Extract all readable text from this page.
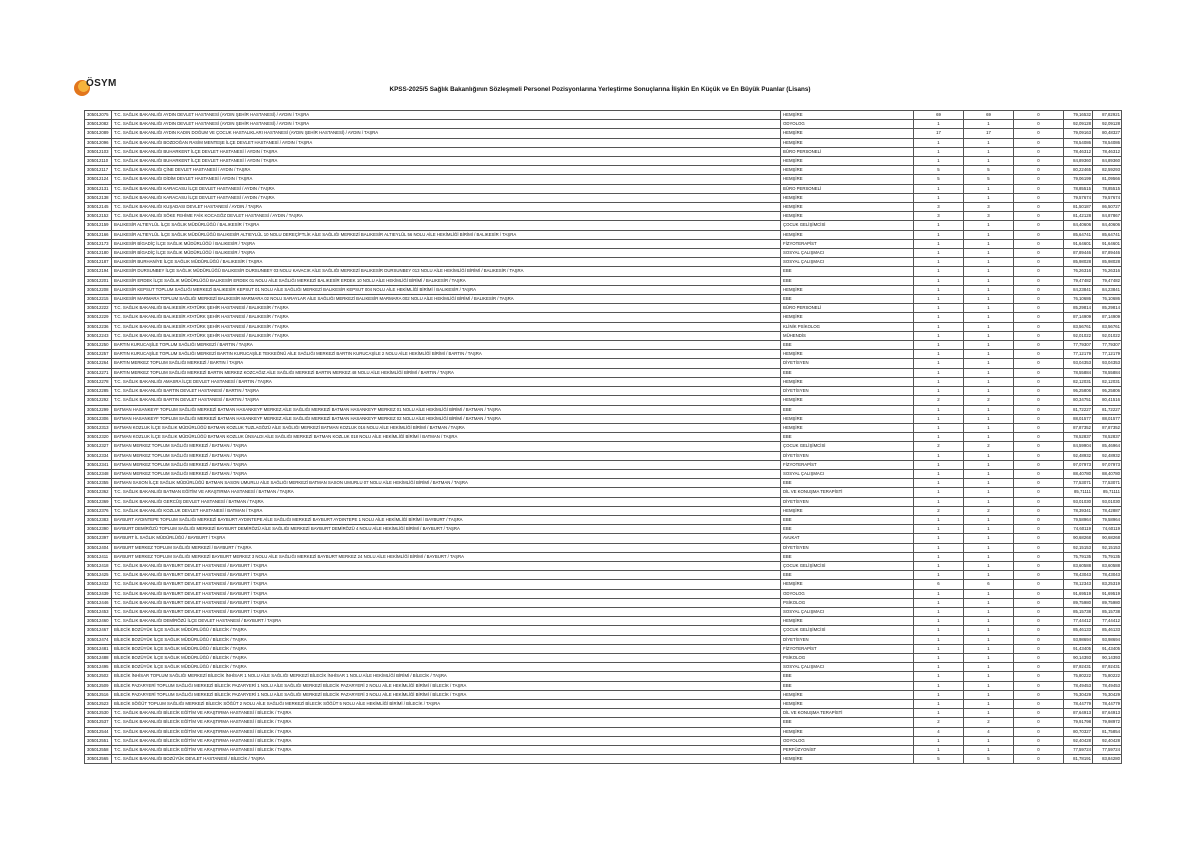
ÖSYM
KPSS-2025/5 Sağlık Bakanlığının Sözleşmeli Personel Pozisyonlarına Yerleştirme Sonuçlarına İlişkin En Küçük ve En Büyük Puanlar (Lisans)
305012075	T.C. SAĞLIK BAKANLIĞI AYDIN DEVLET HASTANESİ (AYDIN ŞEHİR HASTANESİ) / AYDIN / TAŞRA	HEMŞİRE	69	69	0	79,16532	87,82921
305012082	T.C. SAĞLIK BAKANLIĞI AYDIN DEVLET HASTANESİ (AYDIN ŞEHİR HASTANESİ) / AYDIN / TAŞRA	ODYOLOG	1	1	0	92,09128	92,09128
305012089	T.C. SAĞLIK BAKANLIĞI AYDIN KADIN DOĞUM VE ÇOCUK HASTALIKLARI HASTANESİ (AYDIN ŞEHİR HASTANESİ) / AYDIN / TAŞRA	HEMŞİRE	17	17	0	79,09163	80,48327
305012096	T.C. SAĞLIK BAKANLIĞI BOZDOĞAN RASİM MENTEŞE İLÇE DEVLET HASTANESİ / AYDIN / TAŞRA	HEMŞİRE	1	1	0	78,54086	78,54086
305012103	T.C. SAĞLIK BAKANLIĞI BUHARKENT İLÇE DEVLET HASTANESİ / AYDIN / TAŞRA	BÜRO PERSONELİ	1	1	0	78,46312	78,46312
305012110	T.C. SAĞLIK BAKANLIĞI BUHARKENT İLÇE DEVLET HASTANESİ / AYDIN / TAŞRA	HEMŞİRE	1	1	0	84,89360	84,89360
305012117	T.C. SAĞLIK BAKANLIĞI ÇİNE DEVLET HASTANESİ / AYDIN / TAŞRA	HEMŞİRE	5	5	0	80,22465	82,59293
305012124	T.C. SAĞLIK BAKANLIĞI DİDİM DEVLET HASTANESİ / AYDIN / TAŞRA	HEMŞİRE	5	5	0	79,06199	81,09566
305012131	T.C. SAĞLIK BAKANLIĞI KARACASU İLÇE DEVLET HASTANESİ / AYDIN / TAŞRA	BÜRO PERSONELİ	1	1	0	78,85515	78,85515
305012138	T.C. SAĞLIK BAKANLIĞI KARACASU İLÇE DEVLET HASTANESİ / AYDIN / TAŞRA	HEMŞİRE	1	1	0	79,57674	79,57674
305012145	T.C. SAĞLIK BAKANLIĞI KUŞADASI DEVLET HASTANESİ / AYDIN / TAŞRA	HEMŞİRE	3	3	0	81,50187	86,50727
305012152	T.C. SAĞLIK BAKANLIĞI SÖKE FEHİME FAİK KOCAGÖZ DEVLET HASTANESİ / AYDIN / TAŞRA	HEMŞİRE	3	3	0	81,42128	84,87867
305012159	BALIKESİR ALTIEYLÜL İLÇE SAĞLIK MÜDÜRLÜĞÜ / BALIKESİR / TAŞRA	ÇOCUK GELİŞİMCİSİ	1	1	0	84,40606	84,40606
305012166	BALIKESİR ALTIEYLÜL İLÇE SAĞLIK MÜDÜRLÜĞÜ BALIKESİR ALTIEYLÜL 10 NOLU DEREÇİFTLİK AİLE SAĞLIĞI MERKEZİ BALIKESİR ALTIEYLÜL 56 NOLU AİLE HEKİMLİĞİ BİRİMİ / BALIKESİR / TAŞRA	HEMŞİRE	1	1	0	85,64741	85,64741
305012173	BALIKESİR BİGADİÇ İLÇE SAĞLIK MÜDÜRLÜĞÜ / BALIKESİR / TAŞRA	FİZYOTERAPİST	1	1	0	91,64601	91,64601
305012180	BALIKESİR BİGADİÇ İLÇE SAĞLIK MÜDÜRLÜĞÜ / BALIKESİR / TAŞRA	SOSYAL ÇALIŞMACI	1	1	0	87,89446	87,89446
305012187	BALIKESİR BURHANİYE İLÇE SAĞLIK MÜDÜRLÜĞÜ / BALIKESİR / TAŞRA	SOSYAL ÇALIŞMACI	1	1	0	85,98028	85,98028
305012194	BALIKESİR DURSUNBEY İLÇE SAĞLIK MÜDÜRLÜĞÜ BALIKESİR DURSUNBEY 03 NOLU KAVACIK AİLE SAĞLIĞI MERKEZİ BALIKESİR DURSUNBEY 013 NOLU AİLE HEKİMLİĞİ BİRİMİ / BALIKESİR / TAŞRA	EBE	1	1	0	76,26316	76,26316
305012201	BALIKESİR ERDEK İLÇE SAĞLIK MÜDÜRLÜĞÜ BALIKESİR ERDEK 01 NOLU AİLE SAĞLIĞI MERKEZİ BALIKESİR ERDEK 10 NOLU AİLE HEKİMLİĞİ BİRİMİ / BALIKESİR / TAŞRA	EBE	1	1	0	79,47482	79,47482
305012208	BALIKESİR KEPSUT TOPLUM SAĞLIĞI MERKEZİ BALIKESİR KEPSUT 01 NOLU AİLE SAĞLIĞI MERKEZİ BALIKESİR KEPSUT 004 NOLU AİLE HEKİMLİĞİ BİRİMİ / BALIKESİR / TAŞRA	HEMŞİRE	1	1	0	84,23841	84,23841
305012215	BALIKESİR MARMARA TOPLUM SAĞLIĞI MERKEZİ BALIKESİR MARMARA 02 NOLU SARAYLAR AİLE SAĞLIĞI MERKEZİ BALIKESİR MARMARA 002 NOLU AİLE HEKİMLİĞİ BİRİMİ / BALIKESİR / TAŞRA	EBE	1	1	0	76,10686	76,10686
305012222	T.C. SAĞLIK BAKANLIĞI BALIKESİR ATATÜRK ŞEHİR HASTANESİ / BALIKESİR / TAŞRA	BÜRO PERSONELİ	1	1	0	85,29814	85,29814
305012229	T.C. SAĞLIK BAKANLIĞI BALIKESİR ATATÜRK ŞEHİR HASTANESİ / BALIKESİR / TAŞRA	HEMŞİRE	1	1	0	87,14909	87,14909
305012236	T.C. SAĞLIK BAKANLIĞI BALIKESİR ATATÜRK ŞEHİR HASTANESİ / BALIKESİR / TAŞRA	KLİNİK PSİKOLOG	1	1	0	83,56761	83,56761
305012243	T.C. SAĞLIK BAKANLIĞI BALIKESİR ATATÜRK ŞEHİR HASTANESİ / BALIKESİR / TAŞRA	MÜHENDİS	1	1	0	92,01022	92,01022
305012250	BARTIN KURUCAŞİLE TOPLUM SAĞLIĞI MERKEZİ / BARTIN / TAŞRA	EBE	1	1	0	77,79307	77,79307
305012257	BARTIN KURUCAŞİLE TOPLUM SAĞLIĞI MERKEZİ BARTIN KURUCAŞİLE TEKKEÖNÜ AİLE SAĞLIĞI MERKEZİ BARTIN KURUCAŞİLE 2 NOLU AİLE HEKİMLİĞİ BİRİMİ / BARTIN / TAŞRA	HEMŞİRE	1	1	0	77,12179	77,12179
305012264	BARTIN MERKEZ TOPLUM SAĞLIĞI MERKEZİ / BARTIN / TAŞRA	DİYETİSYEN	1	1	0	93,04353	93,04353
305012271	BARTIN MERKEZ TOPLUM SAĞLIĞI MERKEZİ BARTIN MERKEZ KOZCAĞIZ AİLE SAĞLIĞI MERKEZİ BARTIN MERKEZ 48 NOLU AİLE HEKİMLİĞİ BİRİMİ / BARTIN / TAŞRA	EBE	1	1	0	78,55884	78,55884
305012278	T.C. SAĞLIK BAKANLIĞI AMASRA İLÇE DEVLET HASTANESİ / BARTIN / TAŞRA	HEMŞİRE	1	1	0	82,12031	82,12031
305012285	T.C. SAĞLIK BAKANLIĞI BARTIN DEVLET HASTANESİ / BARTIN / TAŞRA	DİYETİSYEN	1	1	0	95,25806	95,25806
305012292	T.C. SAĞLIK BAKANLIĞI BARTIN DEVLET HASTANESİ / BARTIN / TAŞRA	HEMŞİRE	2	2	0	80,34751	80,41516
305012299	BATMAN HASANKEYF TOPLUM SAĞLIĞI MERKEZİ BATMAN HASANKEYF MERKEZ AİLE SAĞLIĞI MERKEZİ BATMAN HASANKEYF MERKEZ 01 NOLU AİLE HEKİMLİĞİ BİRİMİ / BATMAN / TAŞRA	EBE	1	1	0	81,72227	81,72227
305012306	BATMAN HASANKEYF TOPLUM SAĞLIĞI MERKEZİ BATMAN HASANKEYF MERKEZ AİLE SAĞLIĞI MERKEZİ BATMAN HASANKEYF MERKEZ 02 NOLU AİLE HEKİMLİĞİ BİRİMİ / BATMAN / TAŞRA	HEMŞİRE	1	1	0	88,01577	88,01577
305012313	BATMAN KOZLUK İLÇE SAĞLIK MÜDÜRLÜĞÜ BATMAN KOZLUK TUZLAGÖZÜ AİLE SAĞLIĞI MERKEZİ BATMAN KOZLUK 016 NOLU AİLE HEKİMLİĞİ BİRİMİ / BATMAN / TAŞRA	HEMŞİRE	1	1	0	87,87352	87,87352
305012320	BATMAN KOZLUK İLÇE SAĞLIK MÜDÜRLÜĞÜ BATMAN KOZLUK ÜNSALDI AİLE SAĞLIĞI MERKEZİ BATMAN KOZLUK 018 NOLU AİLE HEKİMLİĞİ BİRİMİ / BATMAN / TAŞRA	EBE	1	1	0	78,52837	78,52837
305012327	BATMAN MERKEZ TOPLUM SAĞLIĞI MERKEZİ / BATMAN / TAŞRA	ÇOCUK GELİŞİMCİSİ	2	2	0	84,59904	85,46964
305012334	BATMAN MERKEZ TOPLUM SAĞLIĞI MERKEZİ / BATMAN / TAŞRA	DİYETİSYEN	1	1	0	92,48932	92,48932
305012341	BATMAN MERKEZ TOPLUM SAĞLIĞI MERKEZİ / BATMAN / TAŞRA	FİZYOTERAPİST	1	1	0	97,07973	97,07973
305012348	BATMAN MERKEZ TOPLUM SAĞLIĞI MERKEZİ / BATMAN / TAŞRA	SOSYAL ÇALIŞMACI	1	1	0	88,40780	88,40780
305012355	BATMAN SASON İLÇE SAĞLIK MÜDÜRLÜĞÜ BATMAN SASON UMURLU AİLE SAĞLIĞI MERKEZİ BATMAN SASON UMURLU 07 NOLU AİLE HEKİMLİĞİ BİRİMİ / BATMAN / TAŞRA	EBE	1	1	0	77,53071	77,53071
305012362	T.C. SAĞLIK BAKANLIĞI BATMAN EĞİTİM VE ARAŞTIRMA HASTANESİ / BATMAN / TAŞRA	DİL VE KONUŞMA TERAPİSTİ	1	1	0	85,71111	85,71111
305012369	T.C. SAĞLIK BAKANLIĞI GERCÜŞ DEVLET HASTANESİ / BATMAN / TAŞRA	DİYETİSYEN	1	1	0	93,01030	93,01030
305012376	T.C. SAĞLIK BAKANLIĞI KOZLUK DEVLET HASTANESİ / BATMAN / TAŞRA	HEMŞİRE	2	2	0	78,39341	78,42887
305012383	BAYBURT AYDINTEPE TOPLUM SAĞLIĞI MERKEZİ BAYBURT AYDINTEPE AİLE SAĞLIĞI MERKEZİ BAYBURT AYDINTEPE 1 NOLU AİLE HEKİMLİĞİ BİRİMİ / BAYBURT / TAŞRA	EBE	1	1	0	79,58964	79,58964
305012390	BAYBURT DEMİRÖZÜ TOPLUM SAĞLIĞI MERKEZİ BAYBURT DEMİRÖZÜ AİLE SAĞLIĞI MERKEZİ BAYBURT DEMİRÖZÜ 4 NOLU AİLE HEKİMLİĞİ BİRİMİ / BAYBURT / TAŞRA	EBE	1	1	0	74,60119	74,60119
305012397	BAYBURT İL SAĞLIK MÜDÜRLÜĞÜ / BAYBURT / TAŞRA	AVUKAT	1	1	0	90,68268	90,68268
305012404	BAYBURT MERKEZ TOPLUM SAĞLIĞI MERKEZİ / BAYBURT / TAŞRA	DİYETİSYEN	1	1	0	92,15153	92,15153
305012411	BAYBURT MERKEZ TOPLUM SAĞLIĞI MERKEZİ BAYBURT MERKEZ 3 NOLU AİLE SAĞLIĞI MERKEZİ BAYBURT MERKEZ 24 NOLU AİLE HEKİMLİĞİ BİRİMİ / BAYBURT / TAŞRA	EBE	1	1	0	75,79135	75,79135
305012418	T.C. SAĞLIK BAKANLIĞI BAYBURT DEVLET HASTANESİ / BAYBURT / TAŞRA	ÇOCUK GELİŞİMCİSİ	1	1	0	83,60588	83,60588
305012425	T.C. SAĞLIK BAKANLIĞI BAYBURT DEVLET HASTANESİ / BAYBURT / TAŞRA	EBE	1	1	0	78,43043	78,43043
305012432	T.C. SAĞLIK BAKANLIĞI BAYBURT DEVLET HASTANESİ / BAYBURT / TAŞRA	HEMŞİRE	6	6	0	78,12343	83,25319
305012439	T.C. SAĞLIK BAKANLIĞI BAYBURT DEVLET HASTANESİ / BAYBURT / TAŞRA	ODYOLOG	1	1	0	91,69519	91,69519
305012446	T.C. SAĞLIK BAKANLIĞI BAYBURT DEVLET HASTANESİ / BAYBURT / TAŞRA	PSİKOLOG	1	1	0	89,75980	89,75980
305012453	T.C. SAĞLIK BAKANLIĞI BAYBURT DEVLET HASTANESİ / BAYBURT / TAŞRA	SOSYAL ÇALIŞMACI	1	1	0	85,15738	85,15738
305012460	T.C. SAĞLIK BAKANLIĞI DEMİRÖZÜ İLÇE DEVLET HASTANESİ / BAYBURT / TAŞRA	HEMŞİRE	1	1	0	77,44412	77,44412
305012467	BİLECİK BOZÜYÜK İLÇE SAĞLIK MÜDÜRLÜĞÜ / BİLECİK / TAŞRA	ÇOCUK GELİŞİMCİSİ	1	1	0	85,46133	85,46133
305012474	BİLECİK BOZÜYÜK İLÇE SAĞLIK MÜDÜRLÜĞÜ / BİLECİK / TAŞRA	DİYETİSYEN	1	1	0	93,98694	93,98694
305012481	BİLECİK BOZÜYÜK İLÇE SAĞLIK MÜDÜRLÜĞÜ / BİLECİK / TAŞRA	FİZYOTERAPİST	1	1	0	91,43405	91,43405
305012488	BİLECİK BOZÜYÜK İLÇE SAĞLIK MÜDÜRLÜĞÜ / BİLECİK / TAŞRA	PSİKOLOG	1	1	0	90,14393	90,14393
305012495	BİLECİK BOZÜYÜK İLÇE SAĞLIK MÜDÜRLÜĞÜ / BİLECİK / TAŞRA	SOSYAL ÇALIŞMACI	1	1	0	87,92431	87,92431
305012502	BİLECİK İNHİSAR TOPLUM SAĞLIĞI MERKEZİ BİLECİK İNHİSAR 1 NOLU AİLE SAĞLIĞI MERKEZİ BİLECİK İNHİSAR 1 NOLU AİLE HEKİMLİĞİ BİRİMİ / BİLECİK / TAŞRA	EBE	1	1	0	75,80222	75,80222
305012509	BİLECİK PAZARYERİ TOPLUM SAĞLIĞI MERKEZİ BİLECİK PAZARYERİ 1 NOLU AİLE SAĞLIĞI MERKEZİ BİLECİK PAZARYERİ 2 NOLU AİLE HEKİMLİĞİ BİRİMİ / BİLECİK / TAŞRA	EBE	1	1	0	78,49453	78,49453
305012516	BİLECİK PAZARYERİ TOPLUM SAĞLIĞI MERKEZİ BİLECİK PAZARYERİ 1 NOLU AİLE SAĞLIĞI MERKEZİ BİLECİK PAZARYERİ 3 NOLU AİLE HEKİMLİĞİ BİRİMİ / BİLECİK / TAŞRA	HEMŞİRE	1	1	0	76,30429	76,30429
305012523	BİLECİK SÖĞÜT TOPLUM SAĞLIĞI MERKEZİ BİLECİK SÖĞÜT 2 NOLU AİLE SAĞLIĞI MERKEZİ BİLECİK SÖĞÜT 5 NOLU AİLE HEKİMLİĞİ BİRİMİ / BİLECİK / TAŞRA	HEMŞİRE	1	1	0	78,44779	78,44779
305012530	T.C. SAĞLIK BAKANLIĞI BİLECİK EĞİTİM VE ARAŞTIRMA HASTANESİ / BİLECİK / TAŞRA	DİL VE KONUŞMA TERAPİSTİ	1	1	0	87,64913	87,64913
305012537	T.C. SAĞLIK BAKANLIĞI BİLECİK EĞİTİM VE ARAŞTIRMA HASTANESİ / BİLECİK / TAŞRA	EBE	2	2	0	79,91798	79,98972
305012544	T.C. SAĞLIK BAKANLIĞI BİLECİK EĞİTİM VE ARAŞTIRMA HASTANESİ / BİLECİK / TAŞRA	HEMŞİRE	4	4	0	80,70327	81,75854
305012551	T.C. SAĞLIK BAKANLIĞI BİLECİK EĞİTİM VE ARAŞTIRMA HASTANESİ / BİLECİK / TAŞRA	ODYOLOG	1	1	0	92,40428	92,40428
305012558	T.C. SAĞLIK BAKANLIĞI BİLECİK EĞİTİM VE ARAŞTIRMA HASTANESİ / BİLECİK / TAŞRA	PERFÜZYONİST	1	1	0	77,59724	77,59724
305012565	T.C. SAĞLIK BAKANLIĞI BOZÜYÜK DEVLET HASTANESİ / BİLECİK / TAŞRA	HEMŞİRE	5	5	0	81,78191	83,84280
